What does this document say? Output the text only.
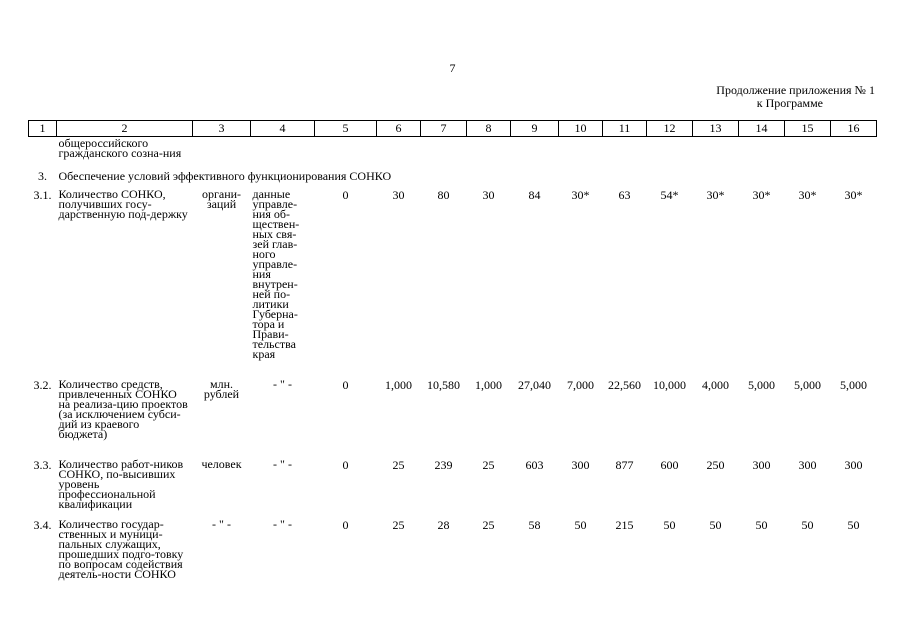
7
Продолжение приложения № 1
к Программе
1	2	3	4	5	6	7	8	9	10	11	12	13	14	15	16
	общероссийского гражданского созна-ния														
3.	Обеспечение условий эффективного функционирования СОНКО														
3.1.	Количество СОНКО, получивших госу-дарственную под-держку	органи-заций	данные управле-ния об-ществен-ных свя-зей глав-ного управле-ния внутрен-ней по-литики Губерна-тора и Прави-тельства края	0	30	80	30	84	30*	63	54*	30*	30*	30*	30*
3.2.	Количество средств, привлеченных СОНКО на реализа-цию проектов (за исключением субси-дий из краевого бюджета)	млн. рублей	- " -	0	1,000	10,580	1,000	27,040	7,000	22,560	10,000	4,000	5,000	5,000	5,000
3.3.	Количество работ-ников СОНКО, по-высивших уровень профессиональной квалификации	человек	- " -	0	25	239	25	603	300	877	600	250	300	300	300
3.4.	Количество государ-ственных и муници-пальных служащих, прошедших подго-товку по вопросам содействия деятель-ности СОНКО	- " -	- " -	0	25	28	25	58	50	215	50	50	50	50	50
